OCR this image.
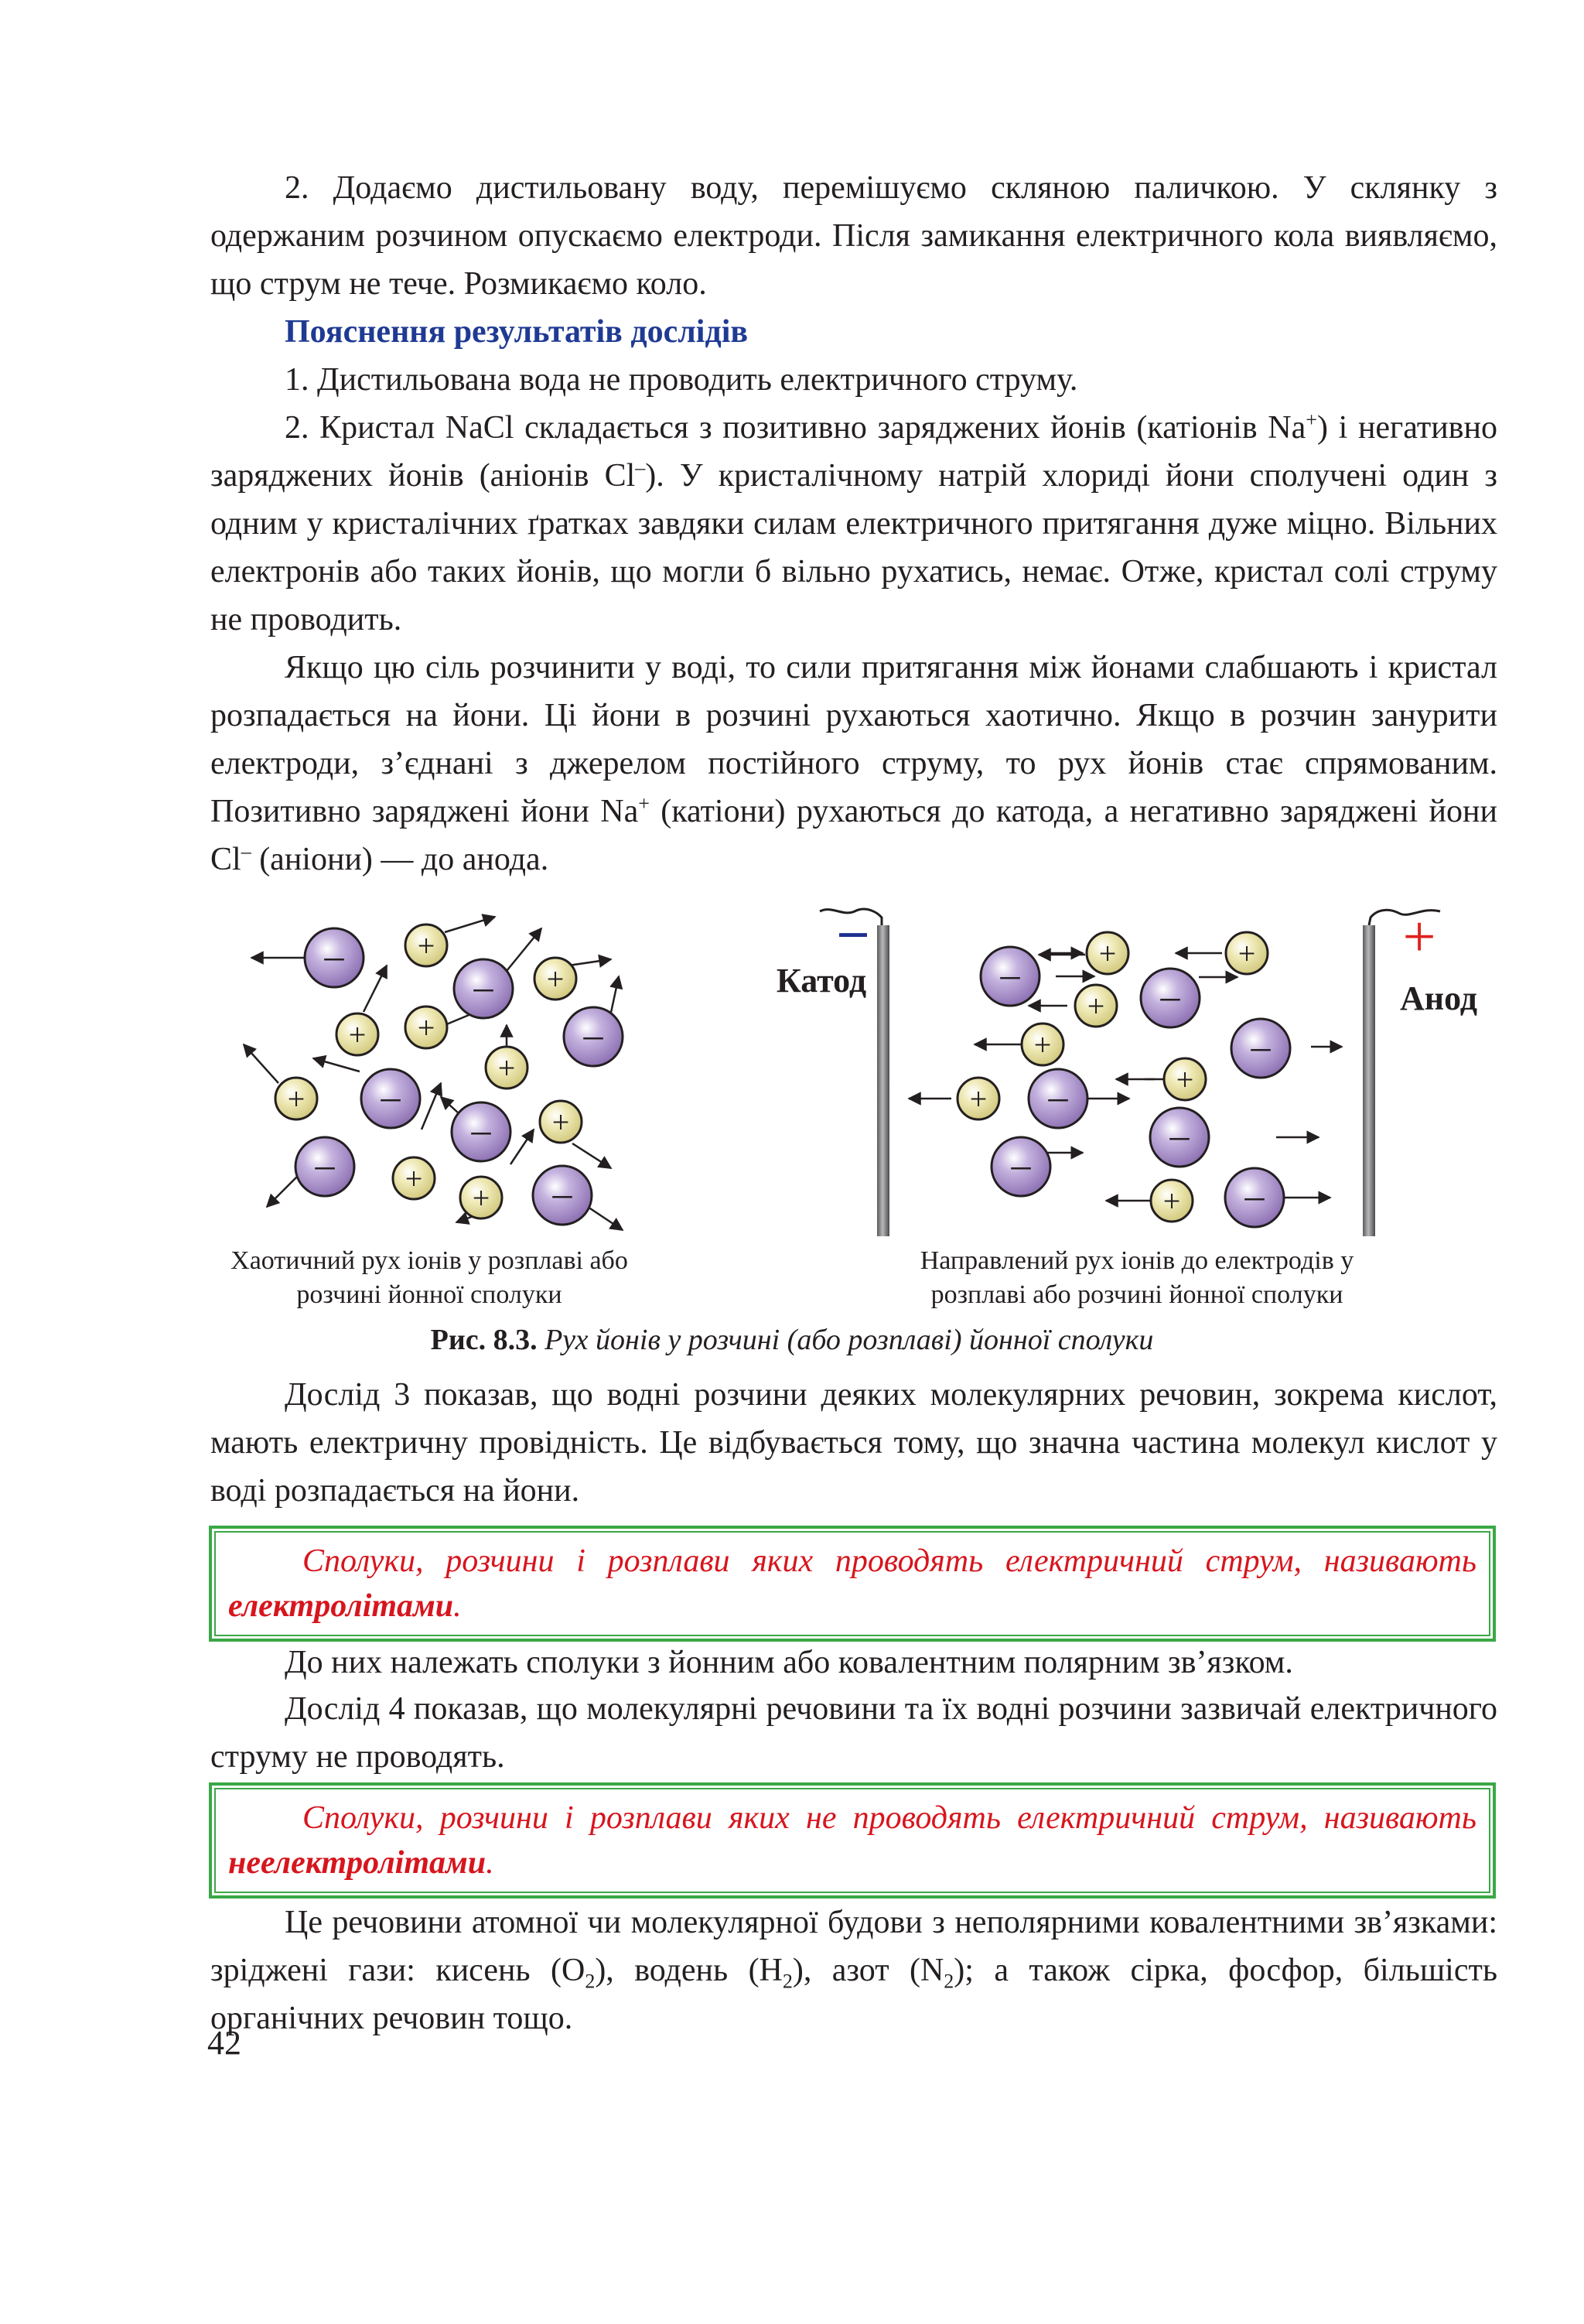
2. Додаємо дистильовану воду, перемішуємо скляною паличкою. У склянку з одержаним розчином опускаємо електроди. Після замикання електричного кола виявляємо, що струм не тече. Розмикаємо коло.

Пояснення результатів дослідів

1. Дистильована вода не проводить електричного струму.

2. Кристал NaCl складається з позитивно заряджених йонів (катіонів Na+) і негативно заряджених йонів (аніонів Cl–). У кристалічному натрій хлориді йони сполучені один з одним у кристалічних ґратках завдяки силам електричного притягання дуже міцно. Вільних електронів або таких йонів, що могли б вільно рухатись, немає. Отже, кристал солі струму не проводить.

Якщо цю сіль розчинити у воді, то сили притягання між йонами слабшають і кристал розпадається на йони. Ці йони в розчині рухаються хаотично. Якщо в розчин занурити електроди, з’єднані з джерелом постійного струму, то рух йонів стає спрямованим. Позитивно заряджені йони Na+ (катіони) рухаються до катода, а негативно заряджені йони Cl– (аніони) — до анода.

–
–
–
–
–
–
–
+
+
+ +
+
+
+
+
+
–
Катод
+
Анод
–	–
–
–
–
–
–
+	+
+
+
+
+
+
Хаотичний рух іонів у розплаві або
розчині йонної сполуки
Направлений рух іонів до електродів у
розплаві або розчині йонної сполуки
Рис. 8.3. Рух йонів у розчині (або розплаві) йонної сполуки

Дослід 3 показав, що водні розчини деяких молекулярних речовин, зокрема кислот, мають електричну провідність. Це відбувається тому, що значна частина молекул кислот у воді розпадається на йони.

Сполуки, розчини і розплави яких проводять електричний струм, називають електролітами.

До них належать сполуки з йонним або ковалентним полярним зв’язком.

Дослід 4 показав, що молекулярні речовини та їх водні розчини зазвичай електричного струму не проводять.

Сполуки, розчини і розплави яких не проводять електричний струм, називають неелектролітами.

Це речовини атомної чи молекулярної будови з неполярними ковалентними зв’язками: зріджені гази: кисень $(O_2)$, водень $(H_2)$, азот $(N_2)$; а також сірка, фосфор, більшість органічних речовин тощо.

42
